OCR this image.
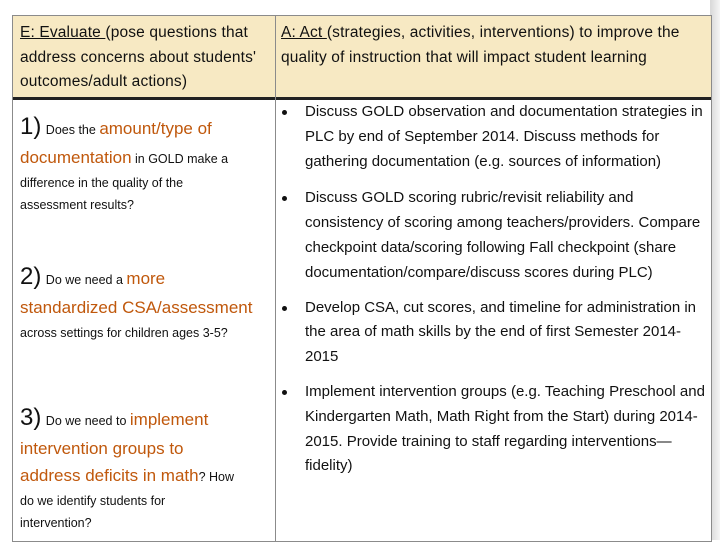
E: Evaluate (pose questions that address concerns about students' outcomes/adult actions)
A: Act (strategies, activities, interventions) to improve the quality of instruction that will impact student learning
1) Does the amount/type of
documentation in GOLD make a
difference in the quality of the
assessment results?
2) Do we need a more
standardized CSA/assessment
across settings for children ages 3-5?
3) Do we need to implement
intervention groups to
address deficits in math? How
do we identify students for
intervention?
Discuss GOLD observation and documentation strategies in PLC by end of September 2014. Discuss methods for gathering documentation (e.g. sources of information)
Discuss GOLD scoring rubric/revisit reliability and consistency of scoring among teachers/providers. Compare checkpoint data/scoring following Fall checkpoint (share documentation/compare/discuss scores during PLC)
Develop CSA, cut scores, and timeline for administration in the area of math skills by the end of first Semester 2014-2015
Implement intervention groups (e.g. Teaching Preschool and Kindergarten Math, Math Right from the Start) during 2014-2015. Provide training to staff regarding interventions—fidelity)
